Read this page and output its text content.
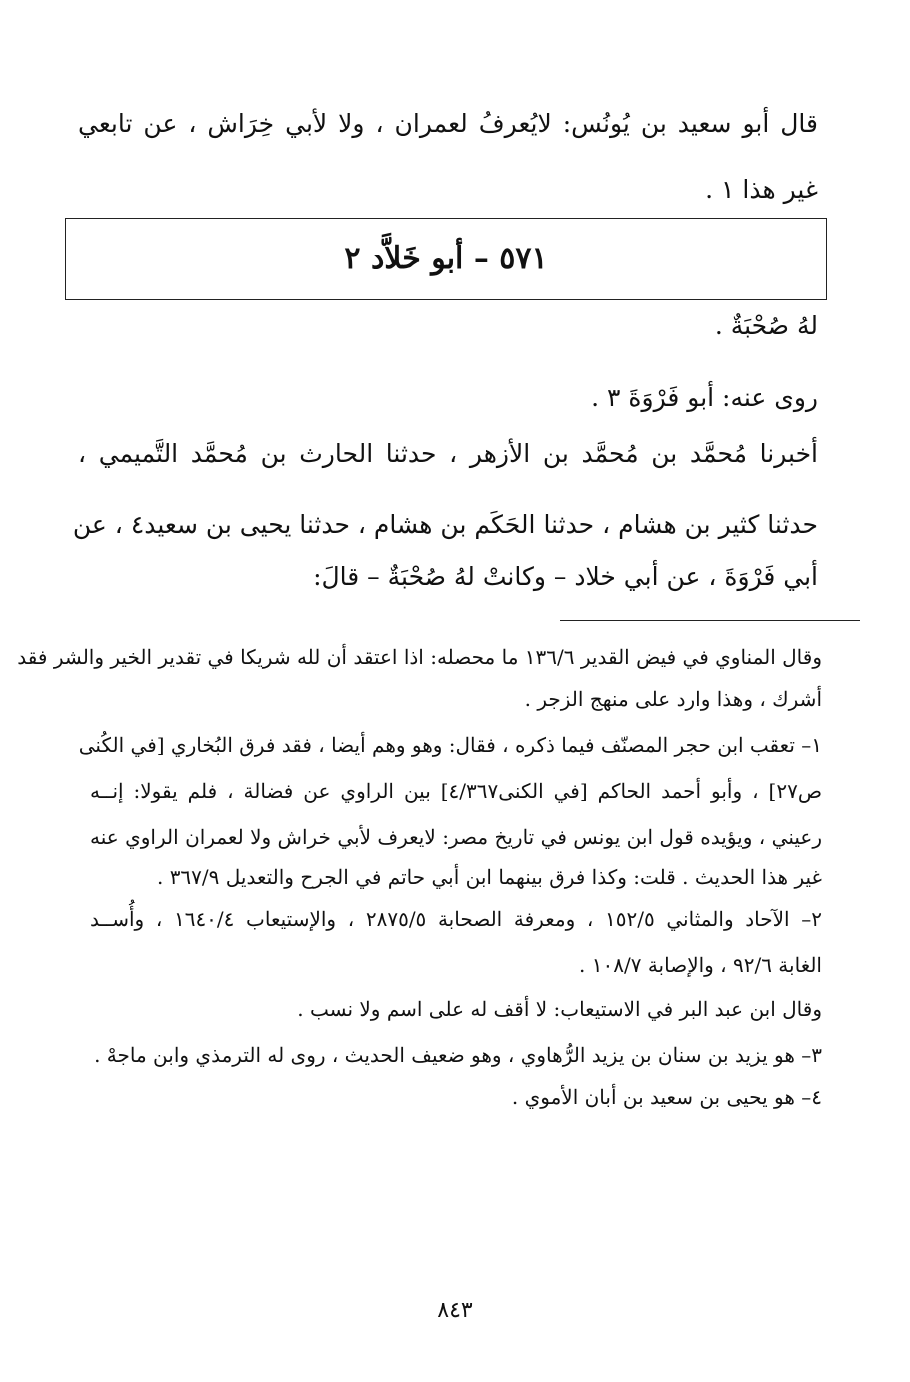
قال أبو سعيد بن يُونُس: لايُعرفُ لعمران ، ولا لأبي خِرَاش ، عن تابعي
غير هذا ١ .
٥٧١ – أبو خَلاَّد ٢
لهُ صُحْبَةٌ .
روى عنه: أبو فَرْوَةَ ٣ .
أخبرنا مُحمَّد بن مُحمَّد بن الأزهر ، حدثنا الحارث بن مُحمَّد التَّميمي ،
حدثنا كثير بن هشام ، حدثنا الحَكَم بن هشام ، حدثنا يحيى بن سعيد٤ ، عن
أبي فَرْوَةَ ، عن أبي خلاد – وكانتْ لهُ صُحْبَةٌ – قالَ:
وقال المناوي في فيض القدير ١٣٦/٦ ما محصله: اذا اعتقد أن لله شريكا في تقدير الخير والشر فقد
أشرك ، وهذا وارد على منهج الزجر .
١– تعقب ابن حجر المصنّف فيما ذكره ، فقال: وهو وهم أيضا ، فقد فرق البُخاري [في الكُنى
ص٢٧] ، وأبو أحمد الحاكم [في الكنى٤/٣٦٧] بين الراوي عن فضالة ، فلم يقولا: إنــه
رعيني ، ويؤيده قول ابن يونس في تاريخ مصر: لايعرف لأبي خراش ولا لعمران الراوي عنه
غير هذا الحديث . قلت: وكذا فرق بينهما ابن أبي حاتم في الجرح والتعديل ٣٦٧/٩ .
٢– الآحاد والمثاني ١٥٢/٥ ، ومعرفة الصحابة ٢٨٧٥/٥ ، والإستيعاب ١٦٤٠/٤ ، وأُســد
الغابة ٩٢/٦ ، والإصابة ١٠٨/٧ .
وقال ابن عبد البر في الاستيعاب: لا أقف له على اسم ولا نسب .
٣– هو يزيد بن سنان بن يزيد الرُّهاوي ، وهو ضعيف الحديث ، روى له الترمذي وابن ماجهْ .
٤– هو يحيى بن سعيد بن أبان الأموي .
٨٤٣
